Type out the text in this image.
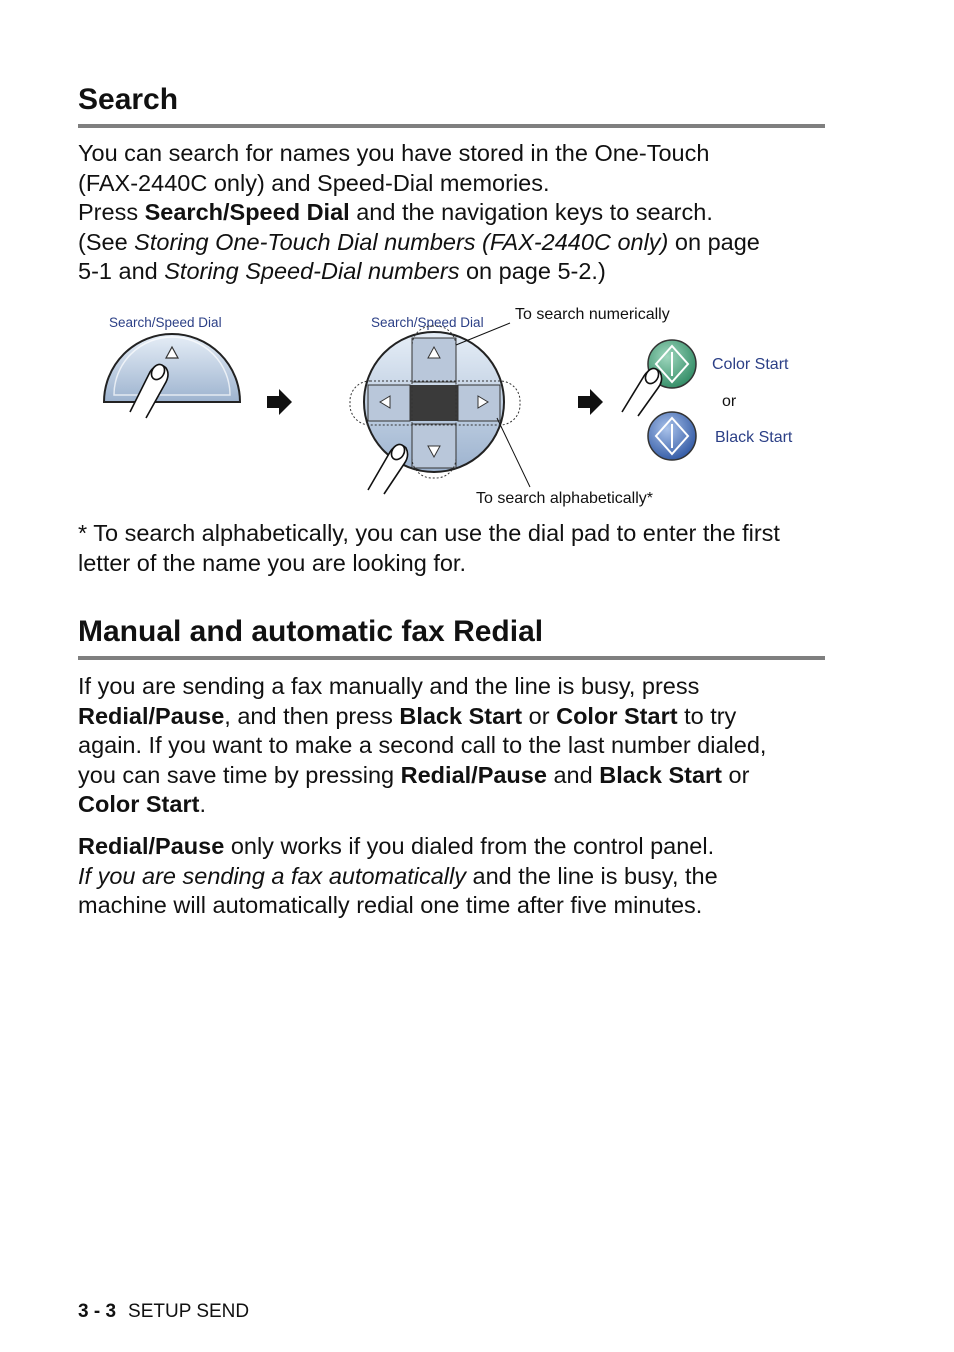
Search

You can search for names you have stored in the One-Touch
(FAX-2440C only) and Speed-Dial memories.
Press Search/Speed Dial and the navigation keys to search.
(See Storing One-Touch Dial numbers (FAX-2440C only) on page
5-1 and Storing Speed-Dial numbers on page 5-2.)

Search/Speed Dial	Search/Speed Dial To search numerically
To search alphabetically*
Color Start
or
Black Start

* To search alphabetically, you can use the dial pad to enter the first
letter of the name you are looking for.

Manual and automatic fax Redial

If you are sending a fax manually and the line is busy, press
Redial/Pause, and then press Black Start or Color Start to try
again. If you want to make a second call to the last number dialed,
you can save time by pressing Redial/Pause and Black Start or
Color Start.

Redial/Pause only works if you dialed from the control panel.
If you are sending a fax automatically and the line is busy, the
machine will automatically redial one time after five minutes.

3 - 3 SETUP SEND
